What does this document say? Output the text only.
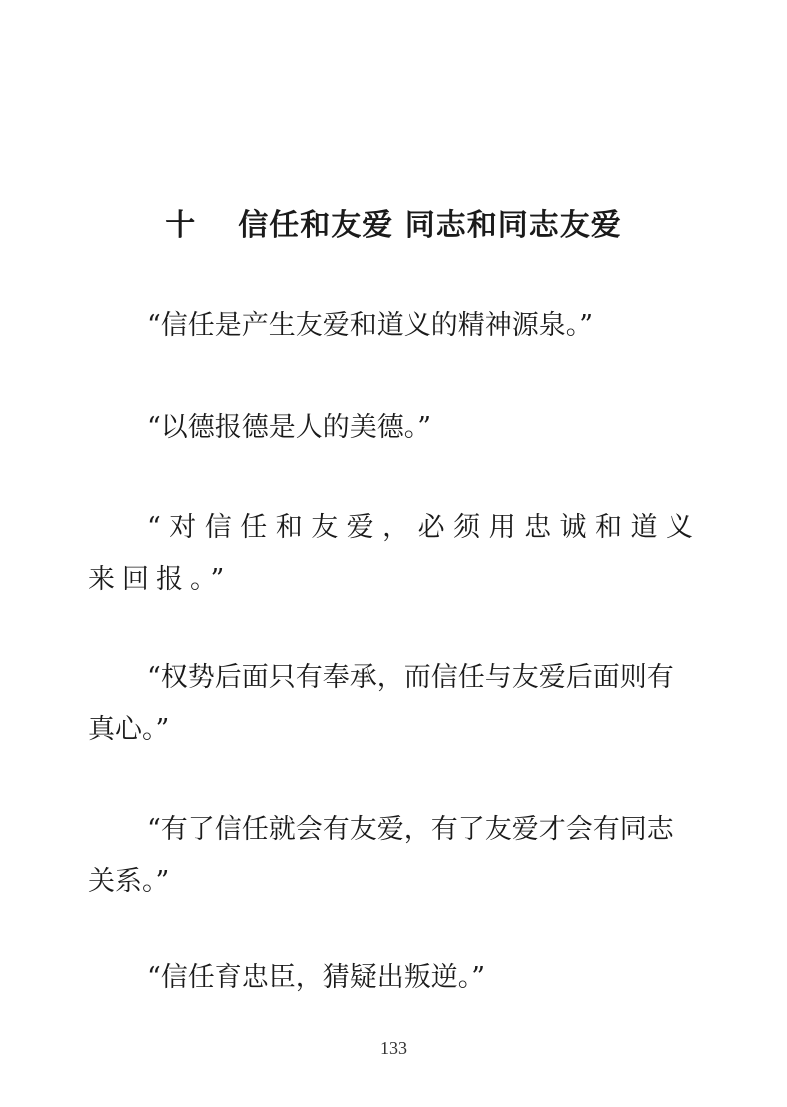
十 信任和友爱 同志和同志友爱

“信任是产生友爱和道义的精神源泉。”

“以德报德是人的美德。”

“对信任和友爱，必须用忠诚和道义来回报。”

“权势后面只有奉承，而信任与友爱后面则有真心。”

“有了信任就会有友爱，有了友爱才会有同志关系。”

“信任育忠臣，猜疑出叛逆。”

133
